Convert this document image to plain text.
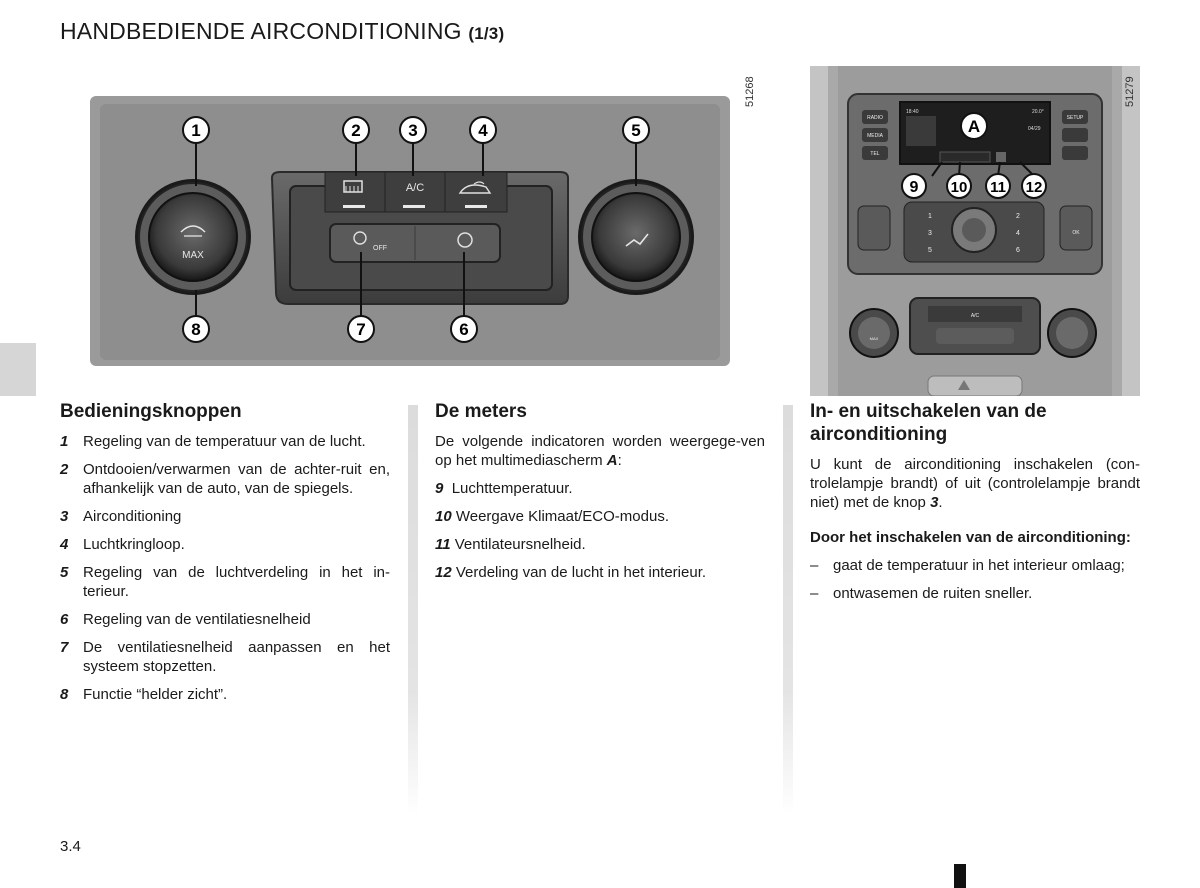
HANDBEDIENDE AIRCONDITIONING (1/3)
A/C
OFF
MAX
1	2	3	4	5
6
7
8
51268
18:40	20.0°
04/29
RADIO
MEDIA
TEL
SETUP
1	2
3	4
5	6
OK
A/C
MAX
A
9 10 11 12
51279
Bedieningsknoppen
1 Regeling van de temperatuur van de lucht.
2 Ontdooien/verwarmen van de achter-ruit en, afhankelijk van de auto, van de spiegels.
3 Airconditioning
4 Luchtkringloop.
5 Regeling van de luchtverdeling in het in-terieur.
6 Regeling van de ventilatiesnelheid
7 De ventilatiesnelheid aanpassen en het systeem stopzetten.
8 Functie “helder zicht”.
De meters

De volgende indicatoren worden weergege-ven op het multimediascherm A:

9 Luchttemperatuur.
10 Weergave Klimaat/ECO-modus.
11 Ventilateursnelheid.
12 Verdeling van de lucht in het interieur.
In- en uitschakelen van de airconditioning

U kunt de airconditioning inschakelen (con-trolelampje brandt) of uit (controlelampje brandt niet) met de knop 3.

Door het inschakelen van de airconditioning:

– gaat de temperatuur in het interieur omlaag;
– ontwasemen de ruiten sneller.
3.4
